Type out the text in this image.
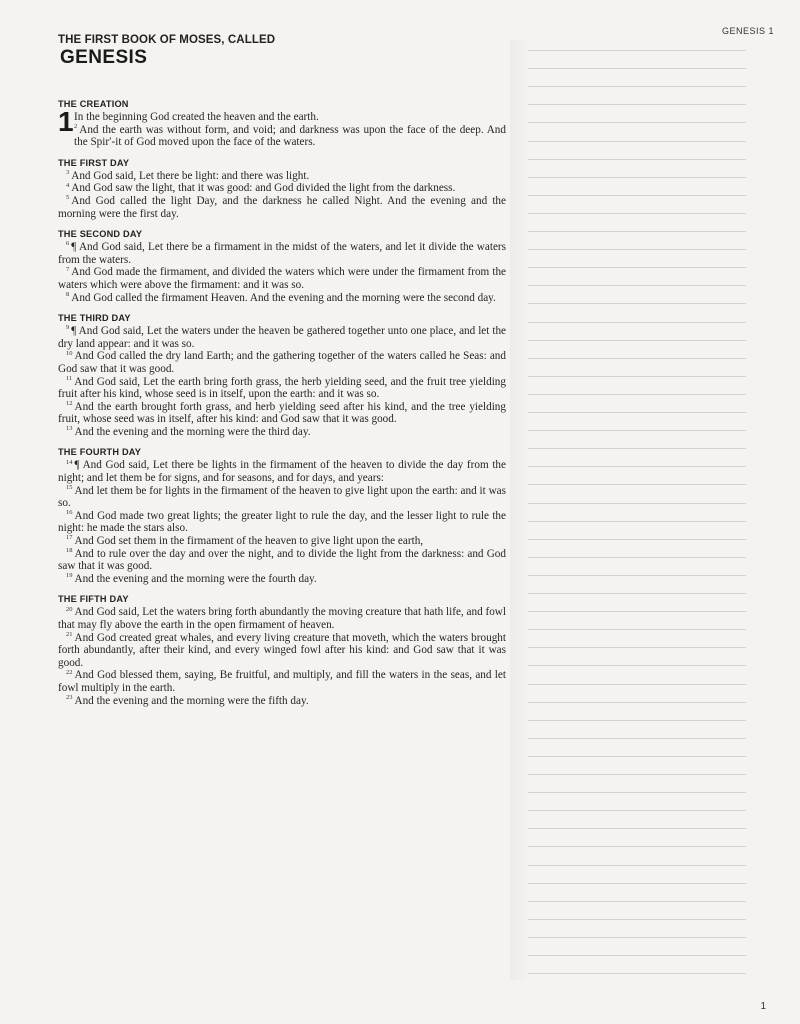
GENESIS 1

THE FIRST BOOK OF MOSES, CALLED

GENESIS
THE CREATION
1 In the beginning God created the heaven and the earth.

$^2$ And the earth was without form, and void; and darkness was upon the face of the deep. And the Spir′-it of God moved upon the face of the waters.

THE FIRST DAY

$^3$ And God said, Let there be light: and there was light.

$^4$ And God saw the light, that it was good: and God divided the light from the darkness.

$^5$ And God called the light Day, and the darkness he called Night. And the evening and the morning were the first day.

THE SECOND DAY

$^6$ ¶ And God said, Let there be a firmament in the midst of the waters, and let it divide the waters from the waters.

$^7$ And God made the firmament, and divided the waters which were under the firmament from the waters which were above the firmament: and it was so.

$^8$ And God called the firmament Heaven. And the evening and the morning were the second day.

THE THIRD DAY

$^9$ ¶ And God said, Let the waters under the heaven be gathered together unto one place, and let the dry land appear: and it was so.

$^{10}$ And God called the dry land Earth; and the gathering together of the waters called he Seas: and God saw that it was good.

$^{11}$ And God said, Let the earth bring forth grass, the herb yielding seed, and the fruit tree yielding fruit after his kind, whose seed is in itself, upon the earth: and it was so.

$^{12}$ And the earth brought forth grass, and herb yielding seed after his kind, and the tree yielding fruit, whose seed was in itself, after his kind: and God saw that it was good.

$^{13}$ And the evening and the morning were the third day.

THE FOURTH DAY

$^{14}$ ¶ And God said, Let there be lights in the firmament of the heaven to divide the day from the night; and let them be for signs, and for seasons, and for days, and years:

$^{15}$ And let them be for lights in the firmament of the heaven to give light upon the earth: and it was so.

$^{16}$ And God made two great lights; the greater light to rule the day, and the lesser light to rule the night: he made the stars also.

$^{17}$ And God set them in the firmament of the heaven to give light upon the earth,

$^{18}$ And to rule over the day and over the night, and to divide the light from the darkness: and God saw that it was good.

$^{19}$ And the evening and the morning were the fourth day.

THE FIFTH DAY

$^{20}$ And God said, Let the waters bring forth abundantly the moving creature that hath life, and fowl that may fly above the earth in the open firmament of heaven.

$^{21}$ And God created great whales, and every living creature that moveth, which the waters brought forth abundantly, after their kind, and every winged fowl after his kind: and God saw that it was good.

$^{22}$ And God blessed them, saying, Be fruitful, and multiply, and fill the waters in the seas, and let fowl multiply in the earth.

$^{23}$ And the evening and the morning were the fifth day.

1
